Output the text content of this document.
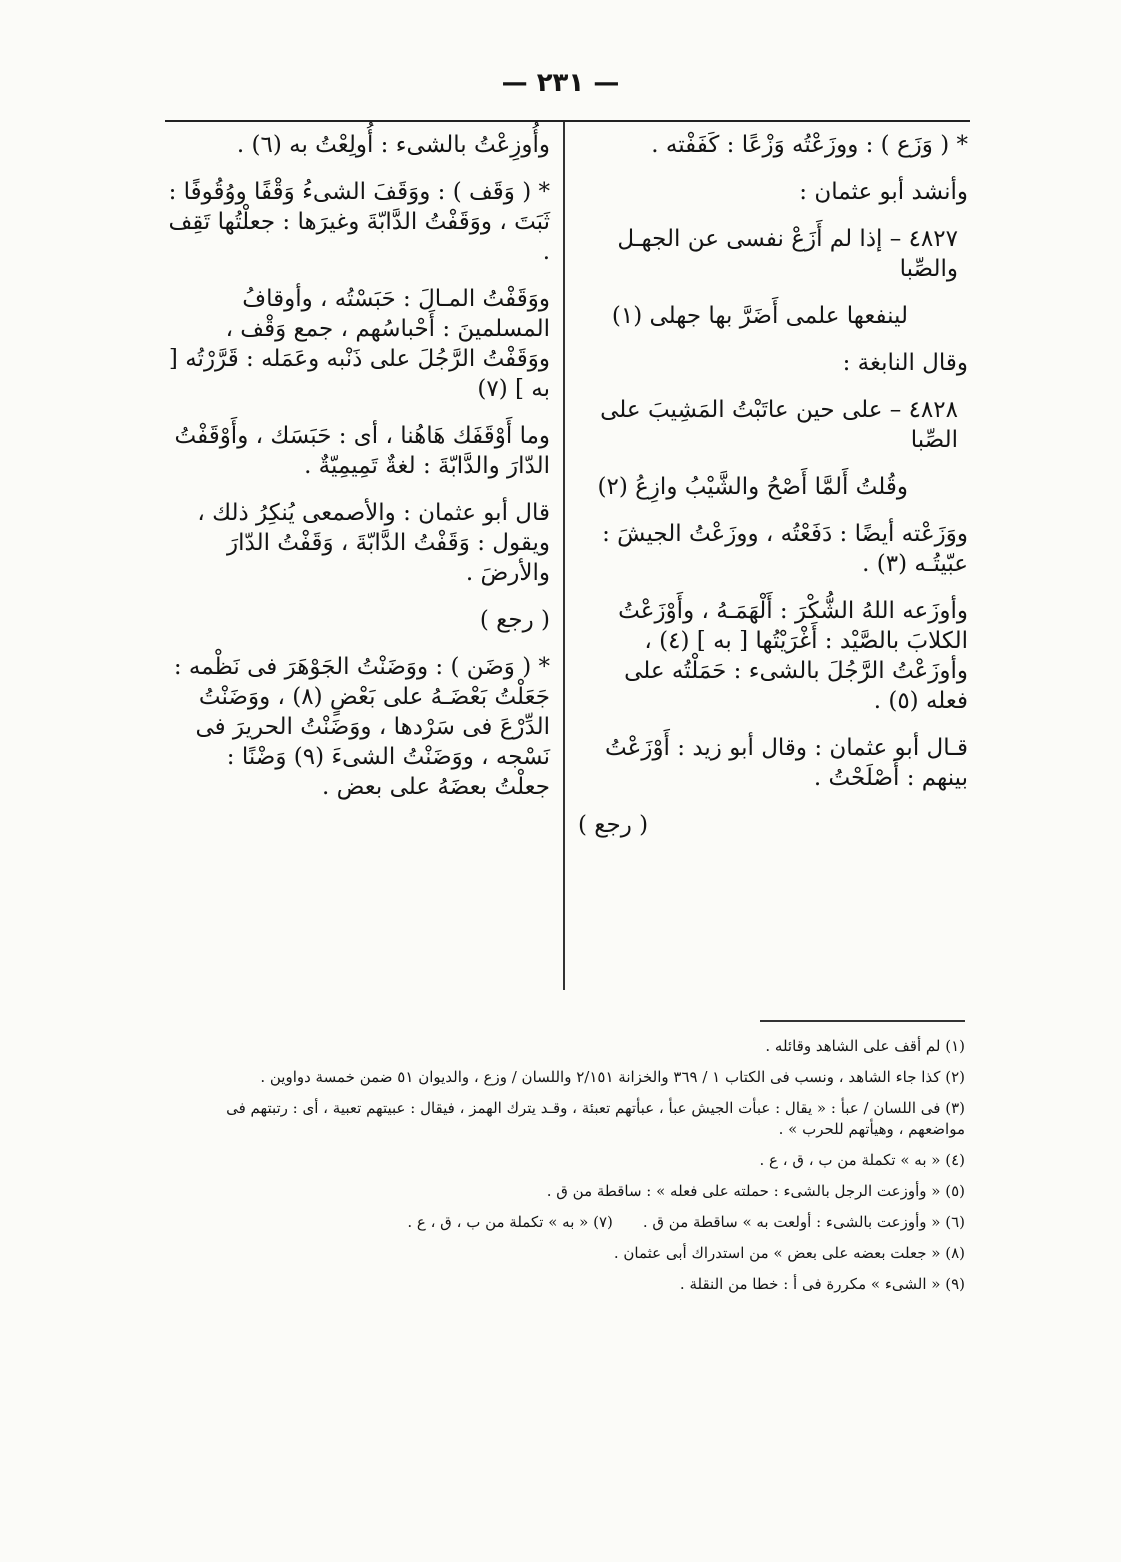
— ٢٣١ —
* ( وَزَع ) : ووزَعْتُه وَزْعًا : كَفَفْته .
وأنشد أبو عثمان :
٤٨٢٧ – إذا لم أَزَعْ نفسى عن الجهـل والصِّبا
لينفعها علمى أَضَرَّ بها جهلى (١)
وقال النابغة :
٤٨٢٨ – على حين عاتَبْتُ المَشِيبَ على الصِّبا
وقُلتُ أَلمَّا أَصْحُ والشَّيْبُ وازِعُ (٢)
ووَزَعْته أيضًا : دَفَعْتُه ، ووزَعْتُ الجيشَ : عبّيتُـه (٣) .
وأوزَعه اللهُ الشُّكْرَ : أَلْهَمَـهُ ، وأَوْزَعْتُ الكلابَ بالصَّيْد : أَغْرَيْتُها [ به ] (٤) ، وأوزَعْتُ الرَّجُلَ بالشىء : حَمَلْتُه على فعله (٥) .
قـال أبو عثمان : وقال أبو زيد : أَوْزَعْتُ بينهم : أَصْلَحْتُ .
( رجع )
وأُوزِعْتُ بالشىء : أُولِعْتُ به (٦) .
* ( وَقَف ) : ووَقَفَ الشىءُ وَقْفًا ووُقُوفًا : ثَبَتَ ، ووَقَفْتُ الدَّابّةَ وغيرَها : جعلْتُها تَقِف .
ووَقَفْتُ المـالَ : حَبَسْتُه ، وأوقافُ المسلمينَ : أَحْباسُهم ، جمع وَقْف ، ووَقَفْتُ الرَّجُلَ على ذَنْبه وعَمَله : قَرَّرْتُه [ به ] (٧)
وما أَوْقَفَك هَاهُنا ، أى : حَبَسَك ، وأَوْقَفْتُ الدّارَ والدَّابّةَ : لغةٌ تَمِيمِيّةٌ .
قال أبو عثمان : والأصمعى يُنكِرُ ذلك ، ويقول : وَقَفْتُ الدَّابّةَ ، وَقَفْتُ الدّارَ والأرضَ .
( رجع )
* ( وَضَن ) : ووَضَنْتُ الجَوْهَرَ فى نَظْمه : جَعَلْتُ بَعْضَـهُ على بَعْضٍ (٨) ، ووَضَنْتُ الدِّرْعَ فى سَرْدها ، ووَضَنْتُ الحريرَ فى نَسْجه ، ووَضَنْتُ الشىءَ (٩) وَضْنًا : جعلْتُ بعضَهُ على بعض .
(١) لم أقف على الشاهد وقائله .
(٢) كذا جاء الشاهد ، ونسب فى الكتاب ١ / ٣٦٩ والخزانة ٢/١٥١ واللسان / وزع ، والديوان ٥١ ضمن خمسة دواوين .
(٣) فى اللسان / عبأ : « يقال : عبأت الجيش عبأ ، عبأتهم تعبئة ، وقـد يترك الهمز ، فيقال : عبيتهم تعبية ، أى : رتبتهم فى مواضعهم ، وهيأتهم للحرب » .
(٤) « به » تكملة من ب ، ق ، ع .
(٥) « وأوزعت الرجل بالشىء : حملته على فعله » : ساقطة من ق .
(٦) « وأوزعت بالشىء : أولعت به » ساقطة من ق .
(٧) « به » تكملة من ب ، ق ، ع .
(٨) « جعلت بعضه على بعض » من استدراك أبى عثمان .
(٩) « الشىء » مكررة فى أ : خطا من النقلة .
